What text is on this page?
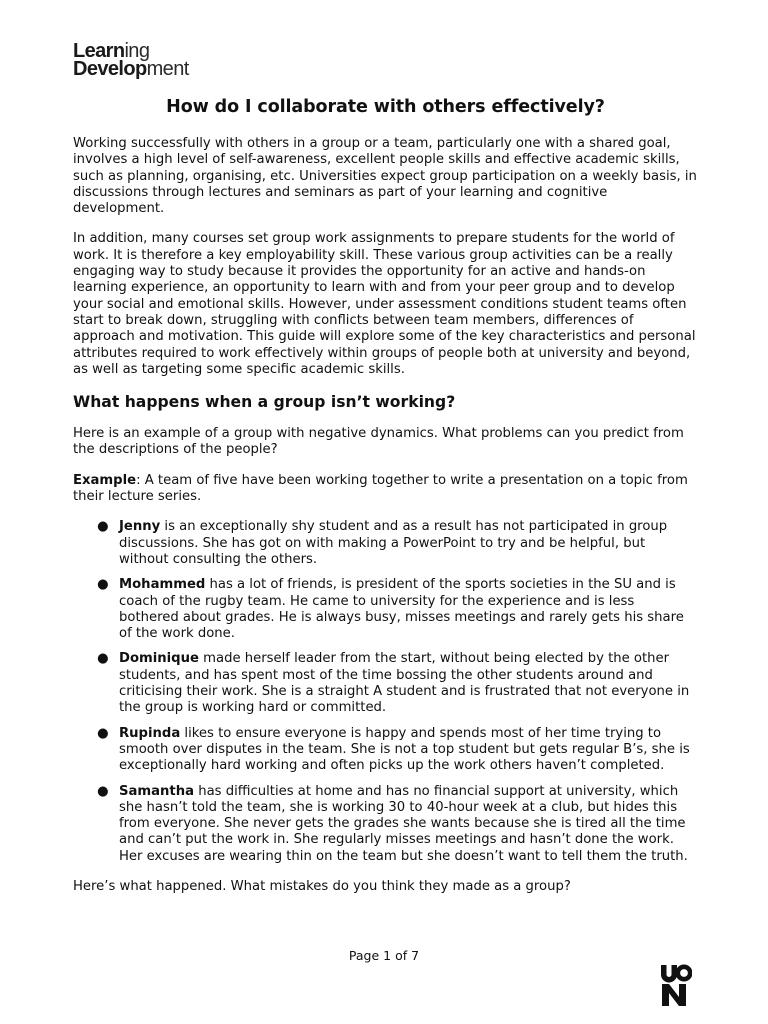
Learning
Development
How do I collaborate with others effectively?

Working successfully with others in a group or a team, particularly one with a shared goal, involves a high level of self-awareness, excellent people skills and effective academic skills, such as planning, organising, etc. Universities expect group participation on a weekly basis, in discussions through lectures and seminars as part of your learning and cognitive development.

In addition, many courses set group work assignments to prepare students for the world of work. It is therefore a key employability skill. These various group activities can be a really engaging way to study because it provides the opportunity for an active and hands-on learning experience, an opportunity to learn with and from your peer group and to develop your social and emotional skills. However, under assessment conditions student teams often start to break down, struggling with conflicts between team members, differences of approach and motivation. This guide will explore some of the key characteristics and personal attributes required to work effectively within groups of people both at university and beyond, as well as targeting some specific academic skills.

What happens when a group isn’t working?

Here is an example of a group with negative dynamics. What problems can you predict from the descriptions of the people?

Example: A team of five have been working together to write a presentation on a topic from their lecture series.

● Jenny is an exceptionally shy student and as a result has not participated in group discussions. She has got on with making a PowerPoint to try and be helpful, but without consulting the others.
● Mohammed has a lot of friends, is president of the sports societies in the SU and is coach of the rugby team. He came to university for the experience and is less bothered about grades. He is always busy, misses meetings and rarely gets his share of the work done.
● Dominique made herself leader from the start, without being elected by the other students, and has spent most of the time bossing the other students around and criticising their work. She is a straight A student and is frustrated that not everyone in the group is working hard or committed.
● Rupinda likes to ensure everyone is happy and spends most of her time trying to smooth over disputes in the team. She is not a top student but gets regular B’s, she is exceptionally hard working and often picks up the work others haven’t completed.
● Samantha has difficulties at home and has no financial support at university, which she hasn’t told the team, she is working 30 to 40-hour week at a club, but hides this from everyone. She never gets the grades she wants because she is tired all the time and can’t put the work in. She regularly misses meetings and hasn’t done the work. Her excuses are wearing thin on the team but she doesn’t want to tell them the truth.

Here’s what happened. What mistakes do you think they made as a group?

Page 1 of 7
